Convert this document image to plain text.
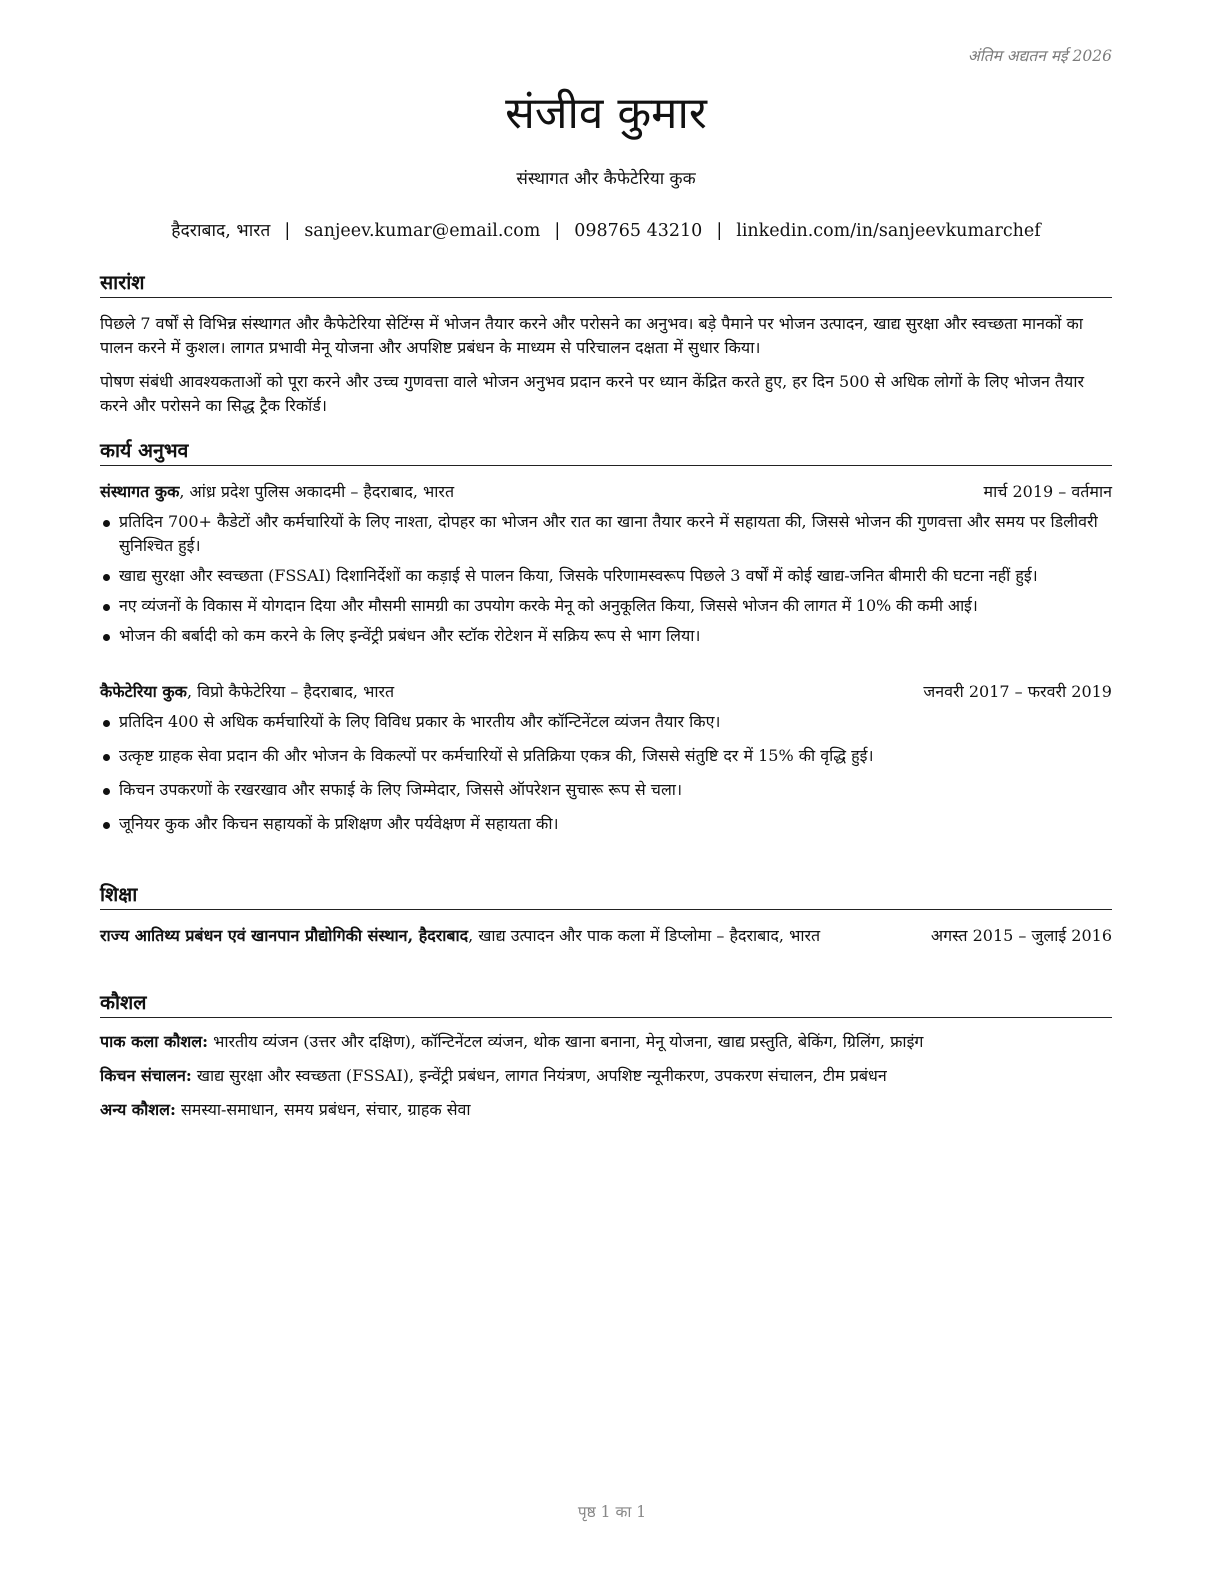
अंतिम अद्यतन मई 2026
संजीव कुमार
संस्थागत और कैफेटेरिया कुक
हैदराबाद, भारत | sanjeev.kumar@email.com | 098765 43210 | linkedin.com/in/sanjeevkumarchef
सारांश

पिछले 7 वर्षों से विभिन्न संस्थागत और कैफेटेरिया सेटिंग्स में भोजन तैयार करने और परोसने का अनुभव। बड़े पैमाने पर भोजन उत्पादन, खाद्य सुरक्षा और स्वच्छता मानकों का पालन करने में कुशल। लागत प्रभावी मेनू योजना और अपशिष्ट प्रबंधन के माध्यम से परिचालन दक्षता में सुधार किया।

पोषण संबंधी आवश्यकताओं को पूरा करने और उच्च गुणवत्ता वाले भोजन अनुभव प्रदान करने पर ध्यान केंद्रित करते हुए, हर दिन 500 से अधिक लोगों के लिए भोजन तैयार करने और परोसने का सिद्ध ट्रैक रिकॉर्ड।

कार्य अनुभव
संस्थागत कुक, आंध्र प्रदेश पुलिस अकादमी – हैदराबाद, भारत	मार्च 2019 – वर्तमान
प्रतिदिन 700+ कैडेटों और कर्मचारियों के लिए नाश्ता, दोपहर का भोजन और रात का खाना तैयार करने में सहायता की, जिससे भोजन की गुणवत्ता और समय पर डिलीवरी सुनिश्चित हुई।
खाद्य सुरक्षा और स्वच्छता (FSSAI) दिशानिर्देशों का कड़ाई से पालन किया, जिसके परिणामस्वरूप पिछले 3 वर्षों में कोई खाद्य-जनित बीमारी की घटना नहीं हुई।
नए व्यंजनों के विकास में योगदान दिया और मौसमी सामग्री का उपयोग करके मेनू को अनुकूलित किया, जिससे भोजन की लागत में 10% की कमी आई।
भोजन की बर्बादी को कम करने के लिए इन्वेंट्री प्रबंधन और स्टॉक रोटेशन में सक्रिय रूप से भाग लिया।
कैफेटेरिया कुक, विप्रो कैफेटेरिया – हैदराबाद, भारत	जनवरी 2017 – फरवरी 2019
प्रतिदिन 400 से अधिक कर्मचारियों के लिए विविध प्रकार के भारतीय और कॉन्टिनेंटल व्यंजन तैयार किए।
उत्कृष्ट ग्राहक सेवा प्रदान की और भोजन के विकल्पों पर कर्मचारियों से प्रतिक्रिया एकत्र की, जिससे संतुष्टि दर में 15% की वृद्धि हुई।
किचन उपकरणों के रखरखाव और सफाई के लिए जिम्मेदार, जिससे ऑपरेशन सुचारू रूप से चला।
जूनियर कुक और किचन सहायकों के प्रशिक्षण और पर्यवेक्षण में सहायता की।
शिक्षा
राज्य आतिथ्य प्रबंधन एवं खानपान प्रौद्योगिकी संस्थान, हैदराबाद, खाद्य उत्पादन और पाक कला में डिप्लोमा – हैदराबाद, भारत	अगस्त 2015 – जुलाई 2016
कौशल

पाक कला कौशल: भारतीय व्यंजन (उत्तर और दक्षिण), कॉन्टिनेंटल व्यंजन, थोक खाना बनाना, मेनू योजना, खाद्य प्रस्तुति, बेकिंग, ग्रिलिंग, फ्राइंग

किचन संचालन: खाद्य सुरक्षा और स्वच्छता (FSSAI), इन्वेंट्री प्रबंधन, लागत नियंत्रण, अपशिष्ट न्यूनीकरण, उपकरण संचालन, टीम प्रबंधन

अन्य कौशल: समस्या-समाधान, समय प्रबंधन, संचार, ग्राहक सेवा

पृष्ठ 1 का 1
